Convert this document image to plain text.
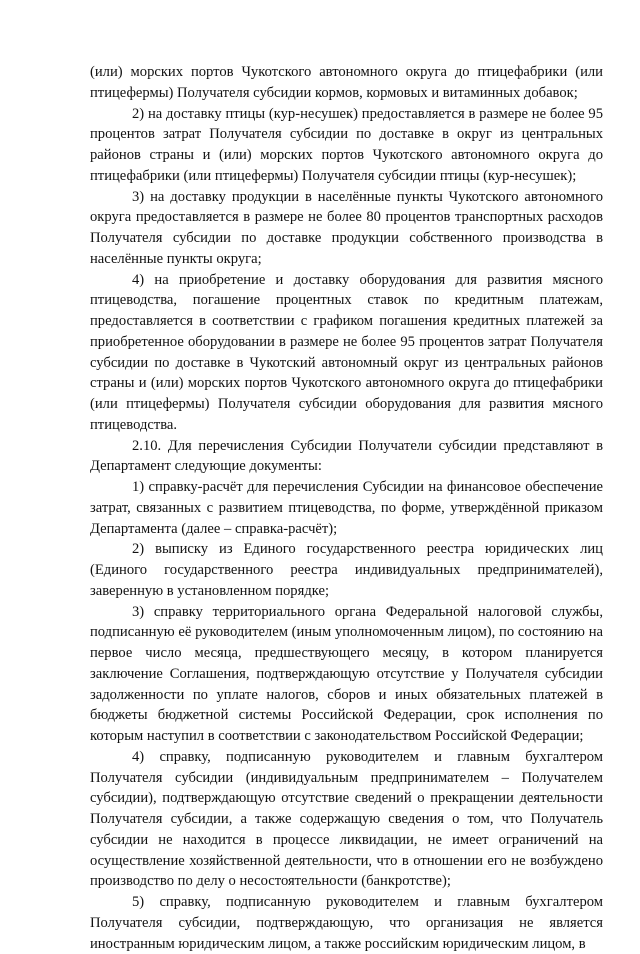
(или) морских портов Чукотского автономного округа до птицефабрики (или птицефермы) Получателя субсидии кормов, кормовых и витаминных добавок;

2) на доставку птицы (кур-несушек) предоставляется в размере не более 95 процентов затрат Получателя субсидии по доставке в округ из центральных районов страны и (или) морских портов Чукотского автономного округа до птицефабрики (или птицефермы) Получателя субсидии птицы (кур-несушек);

3) на доставку продукции в населённые пункты Чукотского автономного округа предоставляется в размере не более 80 процентов транспортных расходов Получателя субсидии по доставке продукции собственного производства в населённые пункты округа;

4) на приобретение и доставку оборудования для развития мясного птицеводства, погашение процентных ставок по кредитным платежам, предоставляется в соответствии с графиком погашения кредитных платежей за приобретенное оборудовании в размере не более 95 процентов затрат Получателя субсидии по доставке в Чукотский автономный округ из центральных районов страны и (или) морских портов Чукотского автономного округа до птицефабрики (или птицефермы) Получателя субсидии оборудования для развития мясного птицеводства.

2.10. Для перечисления Субсидии Получатели субсидии представляют в Департамент следующие документы:

1) справку-расчёт для перечисления Субсидии на финансовое обеспечение затрат, связанных с развитием птицеводства, по форме, утверждённой приказом Департамента (далее – справка-расчёт);

2) выписку из Единого государственного реестра юридических лиц (Единого государственного реестра индивидуальных предпринимателей), заверенную в установленном порядке;

3) справку территориального органа Федеральной налоговой службы, подписанную её руководителем (иным уполномоченным лицом), по состоянию на первое число месяца, предшествующего месяцу, в котором планируется заключение Соглашения, подтверждающую отсутствие у Получателя субсидии задолженности по уплате налогов, сборов и иных обязательных платежей в бюджеты бюджетной системы Российской Федерации, срок исполнения по которым наступил в соответствии с законодательством Российской Федерации;

4) справку, подписанную руководителем и главным бухгалтером Получателя субсидии (индивидуальным предпринимателем – Получателем субсидии), подтверждающую отсутствие сведений о прекращении деятельности Получателя субсидии, а также содержащую сведения о том, что Получатель субсидии не находится в процессе ликвидации, не имеет ограничений на осуществление хозяйственной деятельности, что в отношении его не возбуждено производство по делу о несостоятельности (банкротстве);

5) справку, подписанную руководителем и главным бухгалтером Получателя субсидии, подтверждающую, что организация не является иностранным юридическим лицом, а также российским юридическим лицом, в
